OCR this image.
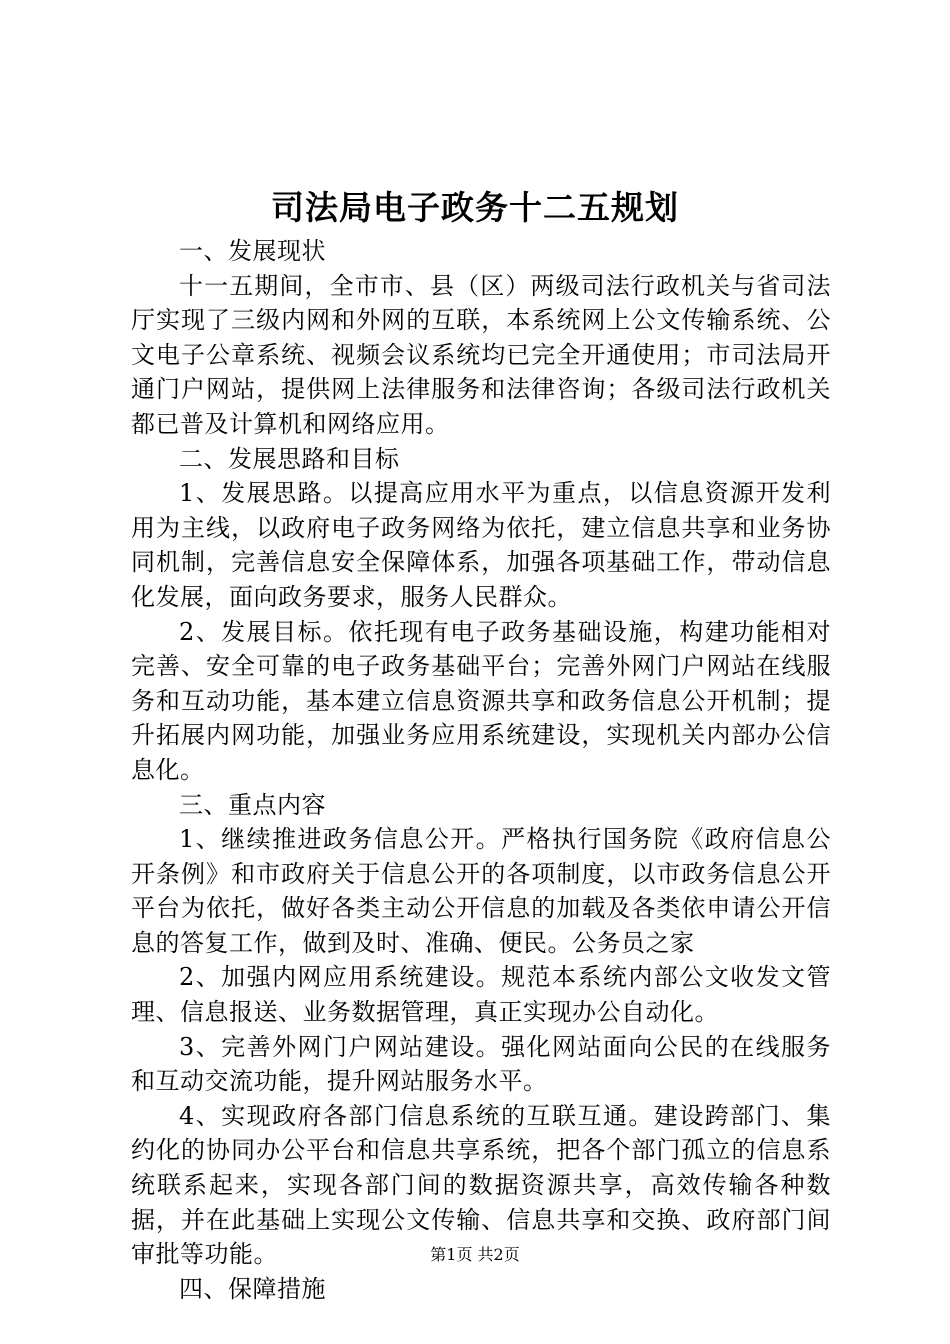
司法局电子政务十二五规划

一、发展现状

十一五期间，全市市、县（区）两级司法行政机关与省司法厅实现了三级内网和外网的互联，本系统网上公文传输系统、公文电子公章系统、视频会议系统均已完全开通使用；市司法局开通门户网站，提供网上法律服务和法律咨询；各级司法行政机关都已普及计算机和网络应用。

二、发展思路和目标

1、发展思路。以提高应用水平为重点，以信息资源开发利用为主线，以政府电子政务网络为依托，建立信息共享和业务协同机制，完善信息安全保障体系，加强各项基础工作，带动信息化发展，面向政务要求，服务人民群众。

2、发展目标。依托现有电子政务基础设施，构建功能相对完善、安全可靠的电子政务基础平台；完善外网门户网站在线服务和互动功能，基本建立信息资源共享和政务信息公开机制；提升拓展内网功能，加强业务应用系统建设，实现机关内部办公信息化。

三、重点内容

1、继续推进政务信息公开。严格执行国务院《政府信息公开条例》和市政府关于信息公开的各项制度，以市政务信息公开平台为依托，做好各类主动公开信息的加载及各类依申请公开信息的答复工作，做到及时、准确、便民。公务员之家

2、加强内网应用系统建设。规范本系统内部公文收发文管理、信息报送、业务数据管理，真正实现办公自动化。

3、完善外网门户网站建设。强化网站面向公民的在线服务和互动交流功能，提升网站服务水平。

4、实现政府各部门信息系统的互联互通。建设跨部门、集约化的协同办公平台和信息共享系统，把各个部门孤立的信息系统联系起来，实现各部门间的数据资源共享，高效传输各种数据，并在此基础上实现公文传输、信息共享和交换、政府部门间审批等功能。

四、保障措施

第1页 共2页
